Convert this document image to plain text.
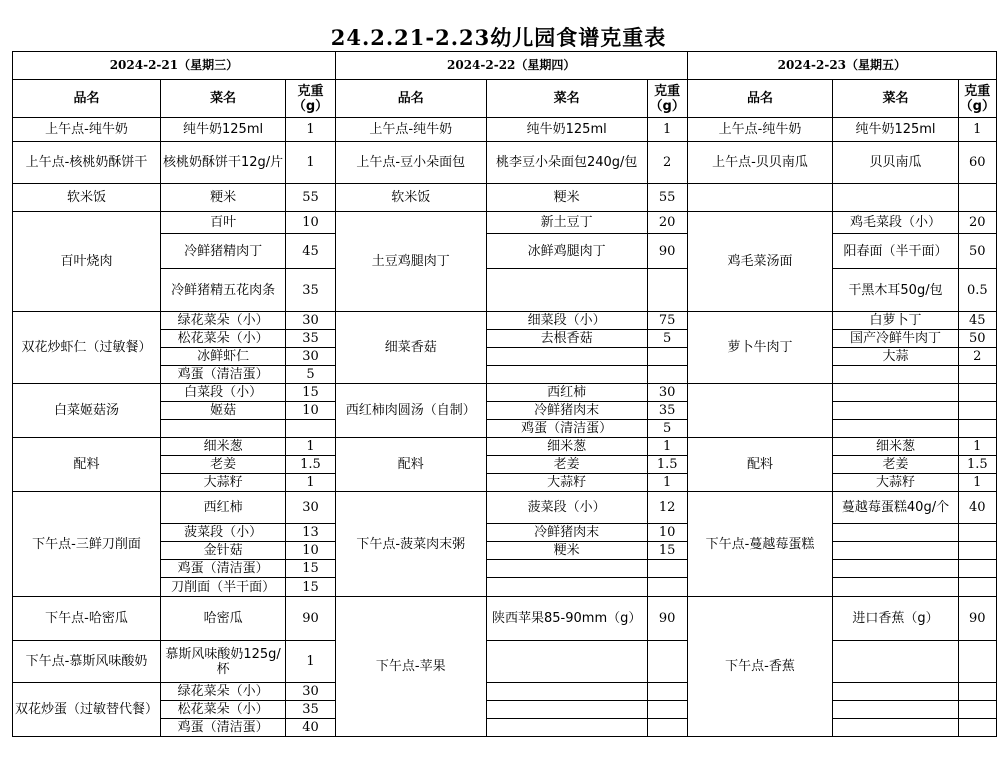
24.2.21-2.23幼儿园食谱克重表
2024-2-21（星期三）			2024-2-22（星期四）			2024-2-23（星期五）		
品名	菜名	克重（g）	品名	菜名	克重（g）	品名	菜名	克重（g）
上午点-纯牛奶	纯牛奶125ml	1	上午点-纯牛奶	纯牛奶125ml	1	上午点-纯牛奶	纯牛奶125ml	1
上午点-核桃奶酥饼干	核桃奶酥饼干12g/片	1	上午点-豆小朵面包	桃李豆小朵面包240g/包	2	上午点-贝贝南瓜	贝贝南瓜	60
软米饭	粳米	55	软米饭	粳米	55			
百叶烧肉	百叶	10	土豆鸡腿肉丁	新土豆丁	20	鸡毛菜汤面	鸡毛菜段（小）	20
	冷鲜猪精肉丁	45		冰鲜鸡腿肉丁	90		阳春面（半干面）	50
	冷鲜猪精五花肉条	35					干黑木耳50g/包	0.5
双花炒虾仁（过敏餐）	绿花菜朵（小）	30	细菜香菇	细菜段（小）	75	萝卜牛肉丁	白萝卜丁	45
	松花菜朵（小）	35		去根香菇	5		国产冷鲜牛肉丁	50
	冰鲜虾仁	30					大蒜	2
	鸡蛋（清洁蛋）	5						
白菜姬菇汤	白菜段（小）	15	西红柿肉圆汤（自制）	西红柿	30			
	姬菇	10		冷鲜猪肉末	35			
				鸡蛋（清洁蛋）	5			
配料	细米葱	1	配料	细米葱	1	配料	细米葱	1
	老姜	1.5		老姜	1.5		老姜	1.5
	大蒜籽	1		大蒜籽	1		大蒜籽	1
下午点-三鲜刀削面	西红柿	30	下午点-菠菜肉末粥	菠菜段（小）	12	下午点-蔓越莓蛋糕	蔓越莓蛋糕40g/个	40
	菠菜段（小）	13		冷鲜猪肉末	10			
	金针菇	10		粳米	15			
	鸡蛋（清洁蛋）	15						
	刀削面（半干面）	15						
下午点-哈密瓜	哈密瓜	90	下午点-苹果	陕西苹果85-90mm（g）	90	下午点-香蕉	进口香蕉（g）	90
下午点-慕斯风味酸奶	慕斯风味酸奶125g/杯	1						
双花炒蛋（过敏替代餐）	绿花菜朵（小）	30						
	松花菜朵（小）	35						
	鸡蛋（清洁蛋）	40						
